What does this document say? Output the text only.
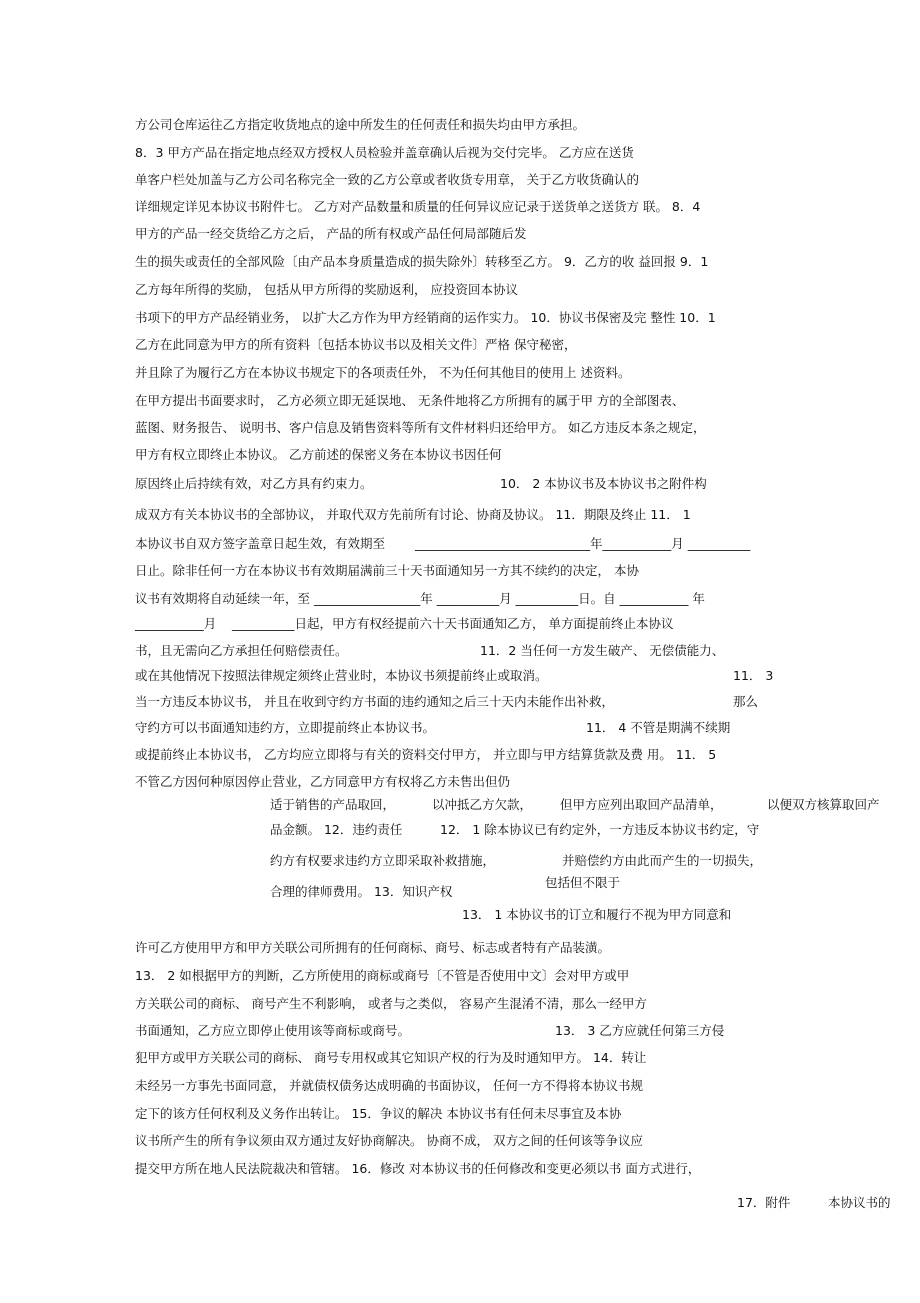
方公司仓库运往乙方指定收货地点的途中所发生的任何责任和损失均由甲方承担。
8．3 甲方产品在指定地点经双方授权人员检验并盖章确认后视为交付完毕。 乙方应在送货
单客户栏处加盖与乙方公司名称完全一致的乙方公章或者收货专用章， 关于乙方收货确认的
详细规定详见本协议书附件七。 乙方对产品数量和质量的任何异议应记录于送货单之送货方 联。 8．4
甲方的产品一经交货给乙方之后， 产品的所有权或产品任何局部随后发
生的损失或责任的全部风险〔由产品本身质量造成的损失除外〕转移至乙方。 9．乙方的收 益回报 9．1
乙方每年所得的奖励， 包括从甲方所得的奖励返利， 应投资回本协议
书项下的甲方产品经销业务， 以扩大乙方作为甲方经销商的运作实力。 10．协议书保密及完 整性 10．1
乙方在此同意为甲方的所有资料〔包括本协议书以及相关文件〕严格 保守秘密，
并且除了为履行乙方在本协议书规定下的各项责任外， 不为任何其他目的使用上 述资料。
在甲方提出书面要求时， 乙方必须立即无延误地、 无条件地将乙方所拥有的属于甲 方的全部图表、
蓝图、财务报告、 说明书、客户信息及销售资料等所有文件材料归还给甲方。 如乙方违反本条之规定，
甲方有权立即终止本协议。 乙方前述的保密义务在本协议书因任何
原因终止后持续有效，对乙方具有约束力。	10． 2 本协议书及本协议书之附件构
成双方有关本协议书的全部协议， 并取代双方先前所有讨论、协商及协议。 11．期限及终止 11． 1
本协议书自双方签字盖章日起生效，有效期至 ____________________________年___________月 __________
日止。除非任何一方在本协议书有效期届满前三十天书面通知另一方其不续约的决定， 本协
议书有效期将自动延续一年，至 _________________年 __________月 __________日。自 ___________ 年
___________月 __________日起，甲方有权经提前六十天书面通知乙方， 单方面提前终止本协议
书，且无需向乙方承担任何赔偿责任。	11．2 当任何一方发生破产、 无偿债能力、
或在其他情况下按照法律规定须终止营业时，本协议书须提前终止或取消。	11． 3
当一方违反本协议书， 并且在收到守约方书面的违约通知之后三十天内未能作出补救，	那么
守约方可以书面通知违约方，立即提前终止本协议书。	11． 4 不管是期满不续期
或提前终止本协议书， 乙方均应立即将与有关的资料交付甲方， 并立即与甲方结算货款及费 用。 11． 5
不管乙方因何种原因停止营业，乙方同意甲方有权将乙方未售出但仍
适于销售的产品取回，	以冲抵乙方欠款， 但甲方应列出取回产品清单，	以便双方核算取回产
品金额。 12．违约责任	12． 1 除本协议已有约定外，一方违反本协议书约定，守
约方有权要求违约方立即采取补救措施，	并赔偿约方由此而产生的一切损失，
包括但不限于
合理的律师费用。 13．知识产权
13． 1 本协议书的订立和履行不视为甲方同意和
许可乙方使用甲方和甲方关联公司所拥有的任何商标、商号、标志或者特有产品装潢。
13． 2 如根据甲方的判断，乙方所使用的商标或商号〔不管是否使用中文〕会对甲方或甲
方关联公司的商标、 商号产生不利影响， 或者与之类似， 容易产生混淆不清，那么一经甲方
书面通知，乙方应立即停止使用该等商标或商号。	13． 3 乙方应就任何第三方侵
犯甲方或甲方关联公司的商标、 商号专用权或其它知识产权的行为及时通知甲方。 14．转让
未经另一方事先书面同意， 并就债权债务达成明确的书面协议， 任何一方不得将本协议书规
定下的该方任何权利及义务作出转让。 15．争议的解决 本协议书有任何未尽事宜及本协
议书所产生的所有争议须由双方通过友好协商解决。 协商不成， 双方之间的任何该等争议应
提交甲方所在地人民法院裁决和管辖。 16．修改 对本协议书的任何修改和变更必须以书 面方式进行，
17．附件	本协议书的
